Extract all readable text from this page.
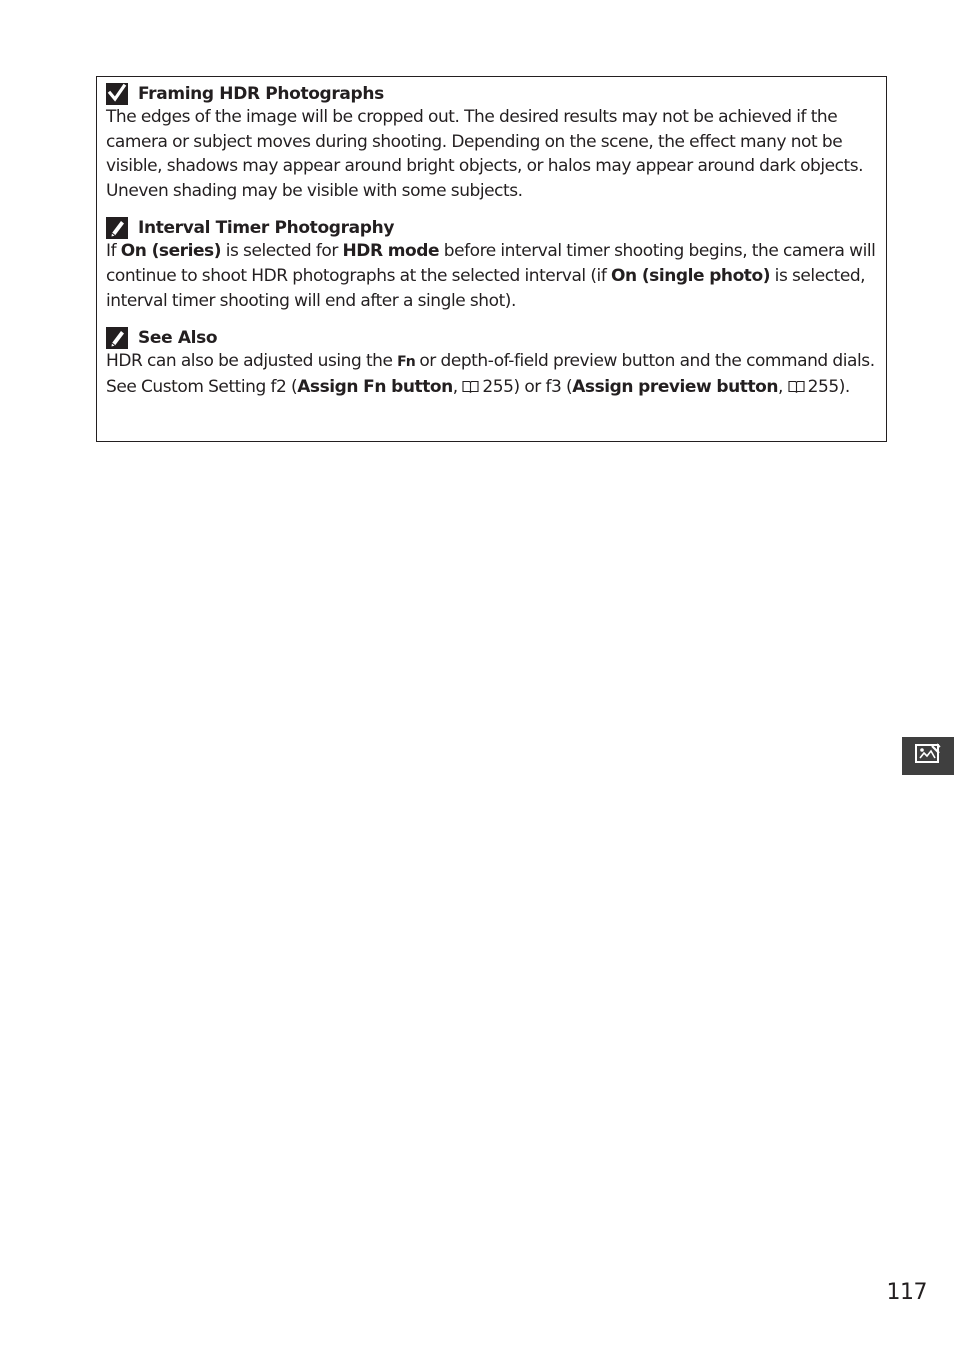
Framing HDR Photographs
The edges of the image will be cropped out. The desired results may not be achieved if the camera or subject moves during shooting. Depending on the scene, the effect many not be visible, shadows may appear around bright objects, or halos may appear around dark objects. Uneven shading may be visible with some subjects.
Interval Timer Photography
If On (series) is selected for HDR mode before interval timer shooting begins, the camera will continue to shoot HDR photographs at the selected interval (if On (single photo) is selected, interval timer shooting will end after a single shot).
See Also
HDR can also be adjusted using the Fn or depth-of-field preview button and the command dials. See Custom Setting f2 (Assign Fn button, 255) or f3 (Assign preview button, 255).
117
